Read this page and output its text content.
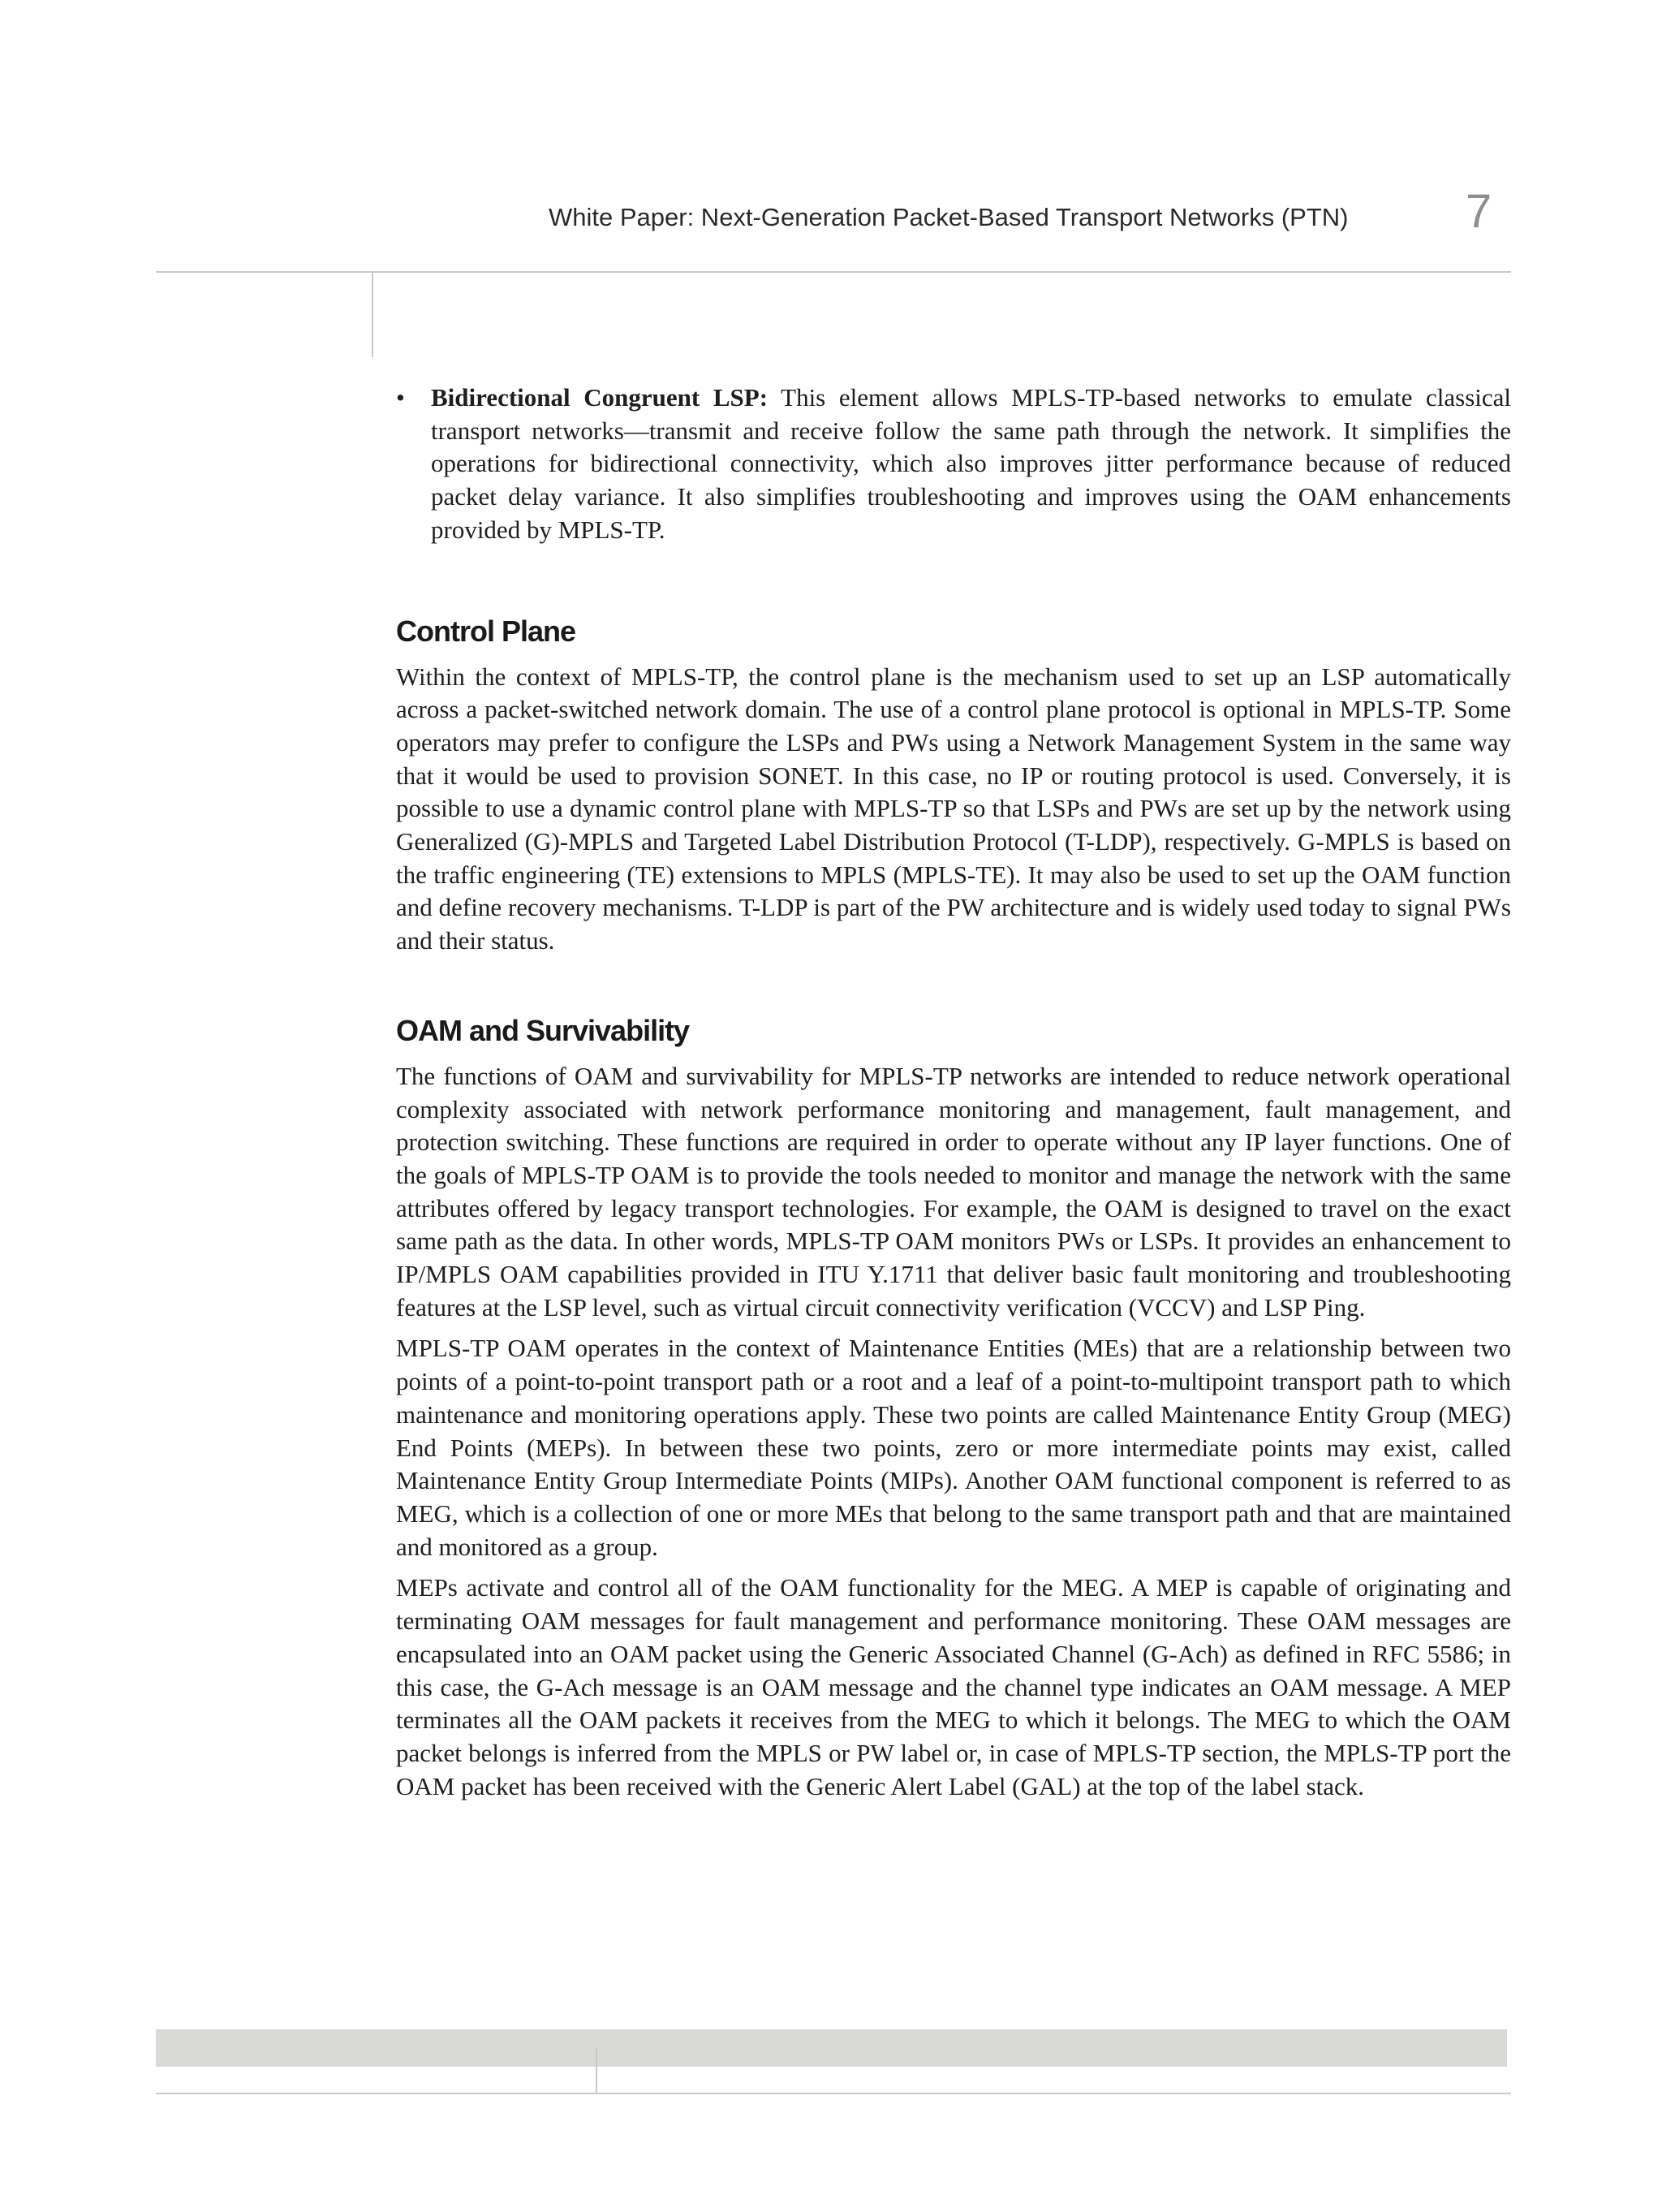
White Paper: Next-Generation Packet-Based Transport Networks (PTN) 7

• Bidirectional Congruent LSP: This element allows MPLS-TP-based networks to emulate classical transport networks—transmit and receive follow the same path through the network. It simplifies the operations for bidirectional connectivity, which also improves jitter performance because of reduced packet delay variance. It also simplifies troubleshooting and improves using the OAM enhancements provided by MPLS-TP.

Control Plane

Within the context of MPLS-TP, the control plane is the mechanism used to set up an LSP automatically across a packet-switched network domain. The use of a control plane protocol is optional in MPLS-TP. Some operators may prefer to configure the LSPs and PWs using a Network Management System in the same way that it would be used to provision SONET. In this case, no IP or routing protocol is used. Conversely, it is possible to use a dynamic control plane with MPLS-TP so that LSPs and PWs are set up by the network using Generalized (G)-MPLS and Targeted Label Distribution Protocol (T-LDP), respectively. G-MPLS is based on the traffic engineering (TE) extensions to MPLS (MPLS-TE). It may also be used to set up the OAM function and define recovery mechanisms. T-LDP is part of the PW architecture and is widely used today to signal PWs and their status.

OAM and Survivability

The functions of OAM and survivability for MPLS-TP networks are intended to reduce network operational complexity associated with network performance monitoring and management, fault management, and protection switching. These functions are required in order to operate without any IP layer functions. One of the goals of MPLS-TP OAM is to provide the tools needed to monitor and manage the network with the same attributes offered by legacy transport technologies. For example, the OAM is designed to travel on the exact same path as the data. In other words, MPLS-TP OAM monitors PWs or LSPs. It provides an enhancement to IP/MPLS OAM capabilities provided in ITU Y.1711 that deliver basic fault monitoring and troubleshooting features at the LSP level, such as virtual circuit connectivity verification (VCCV) and LSP Ping.

MPLS-TP OAM operates in the context of Maintenance Entities (MEs) that are a relationship between two points of a point-to-point transport path or a root and a leaf of a point-to-multipoint transport path to which maintenance and monitoring operations apply. These two points are called Maintenance Entity Group (MEG) End Points (MEPs). In between these two points, zero or more intermediate points may exist, called Maintenance Entity Group Intermediate Points (MIPs). Another OAM functional component is referred to as MEG, which is a collection of one or more MEs that belong to the same transport path and that are maintained and monitored as a group.

MEPs activate and control all of the OAM functionality for the MEG. A MEP is capable of originating and terminating OAM messages for fault management and performance monitoring. These OAM messages are encapsulated into an OAM packet using the Generic Associated Channel (G-Ach) as defined in RFC 5586; in this case, the G-Ach message is an OAM message and the channel type indicates an OAM message. A MEP terminates all the OAM packets it receives from the MEG to which it belongs. The MEG to which the OAM packet belongs is inferred from the MPLS or PW label or, in case of MPLS-TP section, the MPLS-TP port the OAM packet has been received with the Generic Alert Label (GAL) at the top of the label stack.
